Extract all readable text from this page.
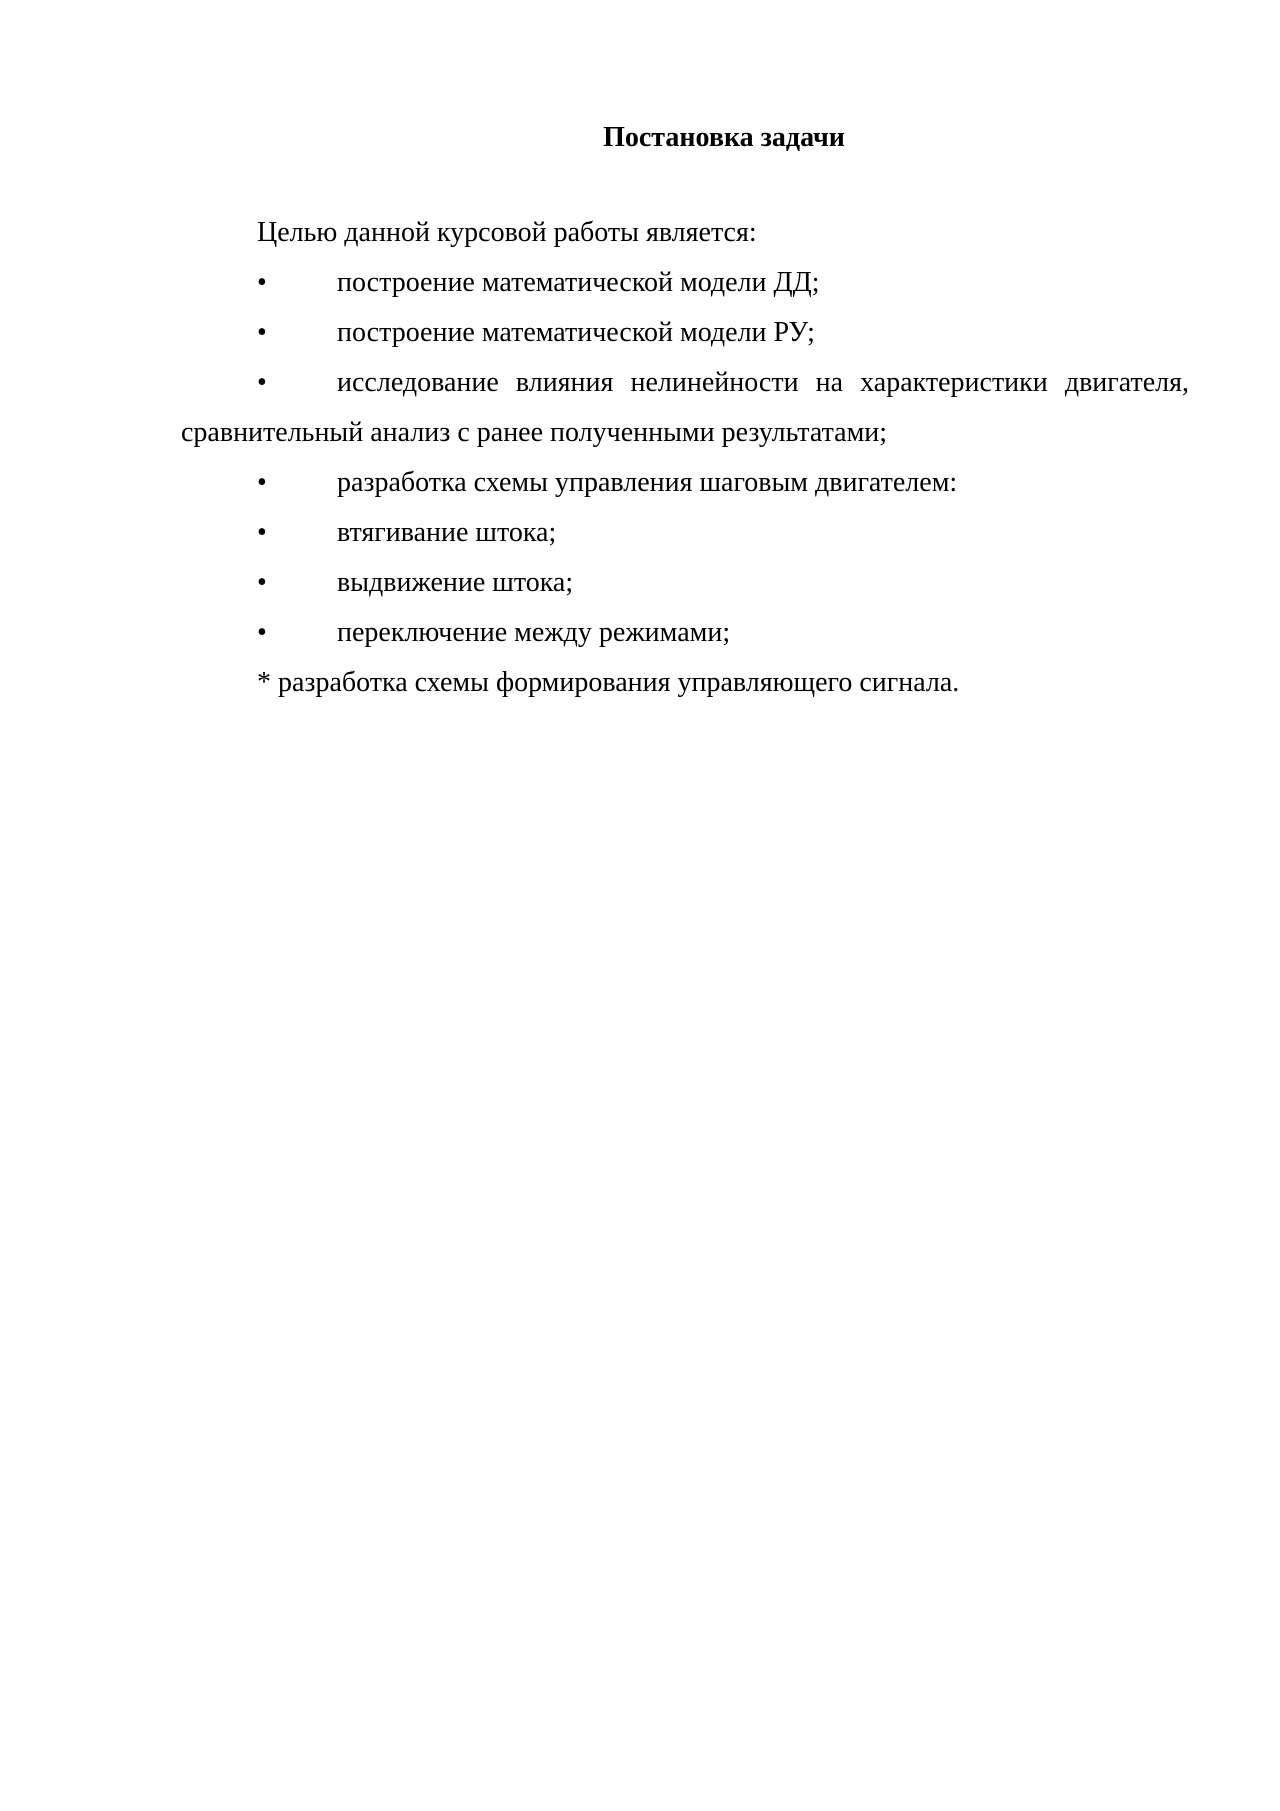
Постановка задачи

Целью данной курсовой работы является:

•	построение математической модели ДД;

•	построение математической модели РУ;

•	исследование влияния нелинейности на характеристики двигателя, сравнительный анализ с ранее полученными результатами;

•	разработка схемы управления шаговым двигателем:

•	втягивание штока;

•	выдвижение штока;

•	переключение между режимами;

* разработка схемы формирования управляющего сигнала.
